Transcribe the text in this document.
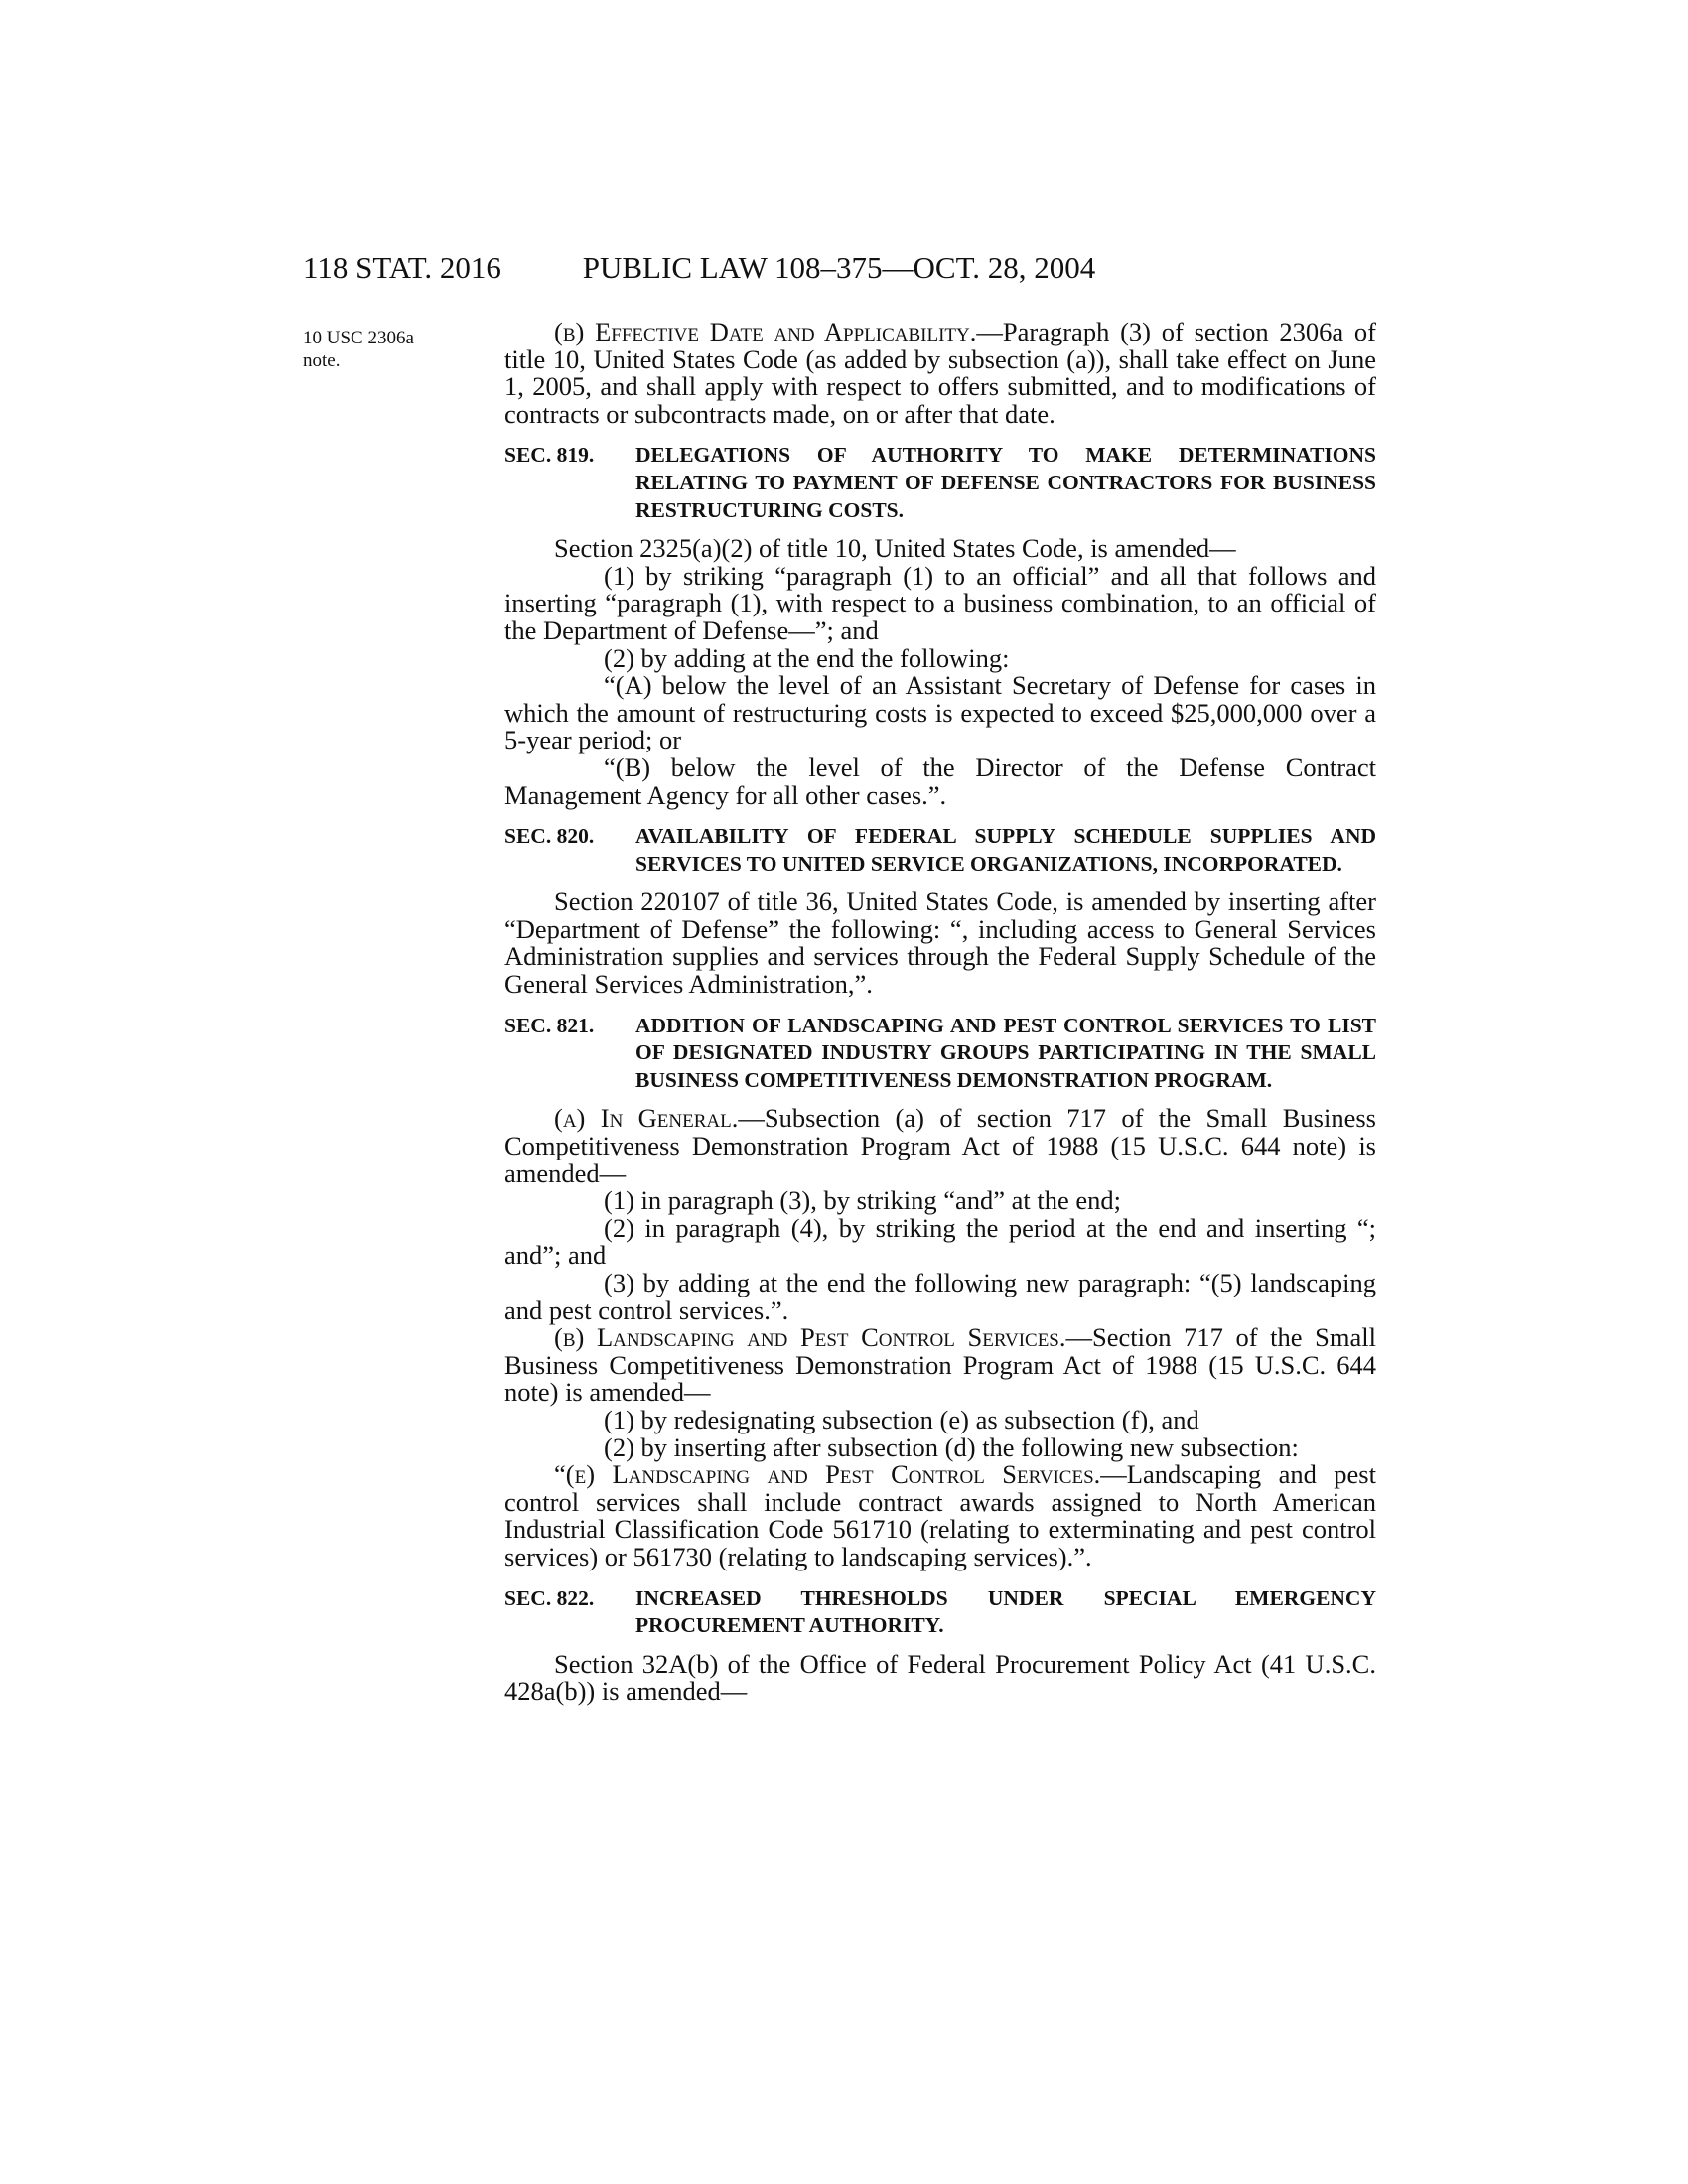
118 STAT. 2016	PUBLIC LAW 108–375—OCT. 28, 2004
10 USC 2306a
note.

(b) Effective Date and Applicability.—Paragraph (3) of section 2306a of title 10, United States Code (as added by subsection (a)), shall take effect on June 1, 2005, and shall apply with respect to offers submitted, and to modifications of contracts or subcontracts made, on or after that date.

SEC. 819.	DELEGATIONS OF AUTHORITY TO MAKE DETERMINATIONS RELATING TO PAYMENT OF DEFENSE CONTRACTORS FOR BUSINESS RESTRUCTURING COSTS.

Section 2325(a)(2) of title 10, United States Code, is amended—

(1) by striking “paragraph (1) to an official” and all that follows and inserting “paragraph (1), with respect to a business combination, to an official of the Department of Defense—”; and

(2) by adding at the end the following:

“(A) below the level of an Assistant Secretary of Defense for cases in which the amount of restructuring costs is expected to exceed $25,000,000 over a 5-year period; or

“(B) below the level of the Director of the Defense Contract Management Agency for all other cases.”.

SEC. 820.	AVAILABILITY OF FEDERAL SUPPLY SCHEDULE SUPPLIES AND SERVICES TO UNITED SERVICE ORGANIZATIONS, INCORPORATED.

Section 220107 of title 36, United States Code, is amended by inserting after “Department of Defense” the following: “, including access to General Services Administration supplies and services through the Federal Supply Schedule of the General Services Administration,”.

SEC. 821.	ADDITION OF LANDSCAPING AND PEST CONTROL SERVICES TO LIST OF DESIGNATED INDUSTRY GROUPS PARTICIPATING IN THE SMALL BUSINESS COMPETITIVENESS DEMONSTRATION PROGRAM.

(a) In General.—Subsection (a) of section 717 of the Small Business Competitiveness Demonstration Program Act of 1988 (15 U.S.C. 644 note) is amended—

(1) in paragraph (3), by striking “and” at the end;

(2) in paragraph (4), by striking the period at the end and inserting “; and”; and

(3) by adding at the end the following new paragraph: “(5) landscaping and pest control services.”.

(b) Landscaping and Pest Control Services.—Section 717 of the Small Business Competitiveness Demonstration Program Act of 1988 (15 U.S.C. 644 note) is amended—

(1) by redesignating subsection (e) as subsection (f), and

(2) by inserting after subsection (d) the following new subsection:

“(e) Landscaping and Pest Control Services.—Landscaping and pest control services shall include contract awards assigned to North American Industrial Classification Code 561710 (relating to exterminating and pest control services) or 561730 (relating to landscaping services).”.

SEC. 822.	INCREASED THRESHOLDS UNDER SPECIAL EMERGENCY PROCUREMENT AUTHORITY.

Section 32A(b) of the Office of Federal Procurement Policy Act (41 U.S.C. 428a(b)) is amended—
